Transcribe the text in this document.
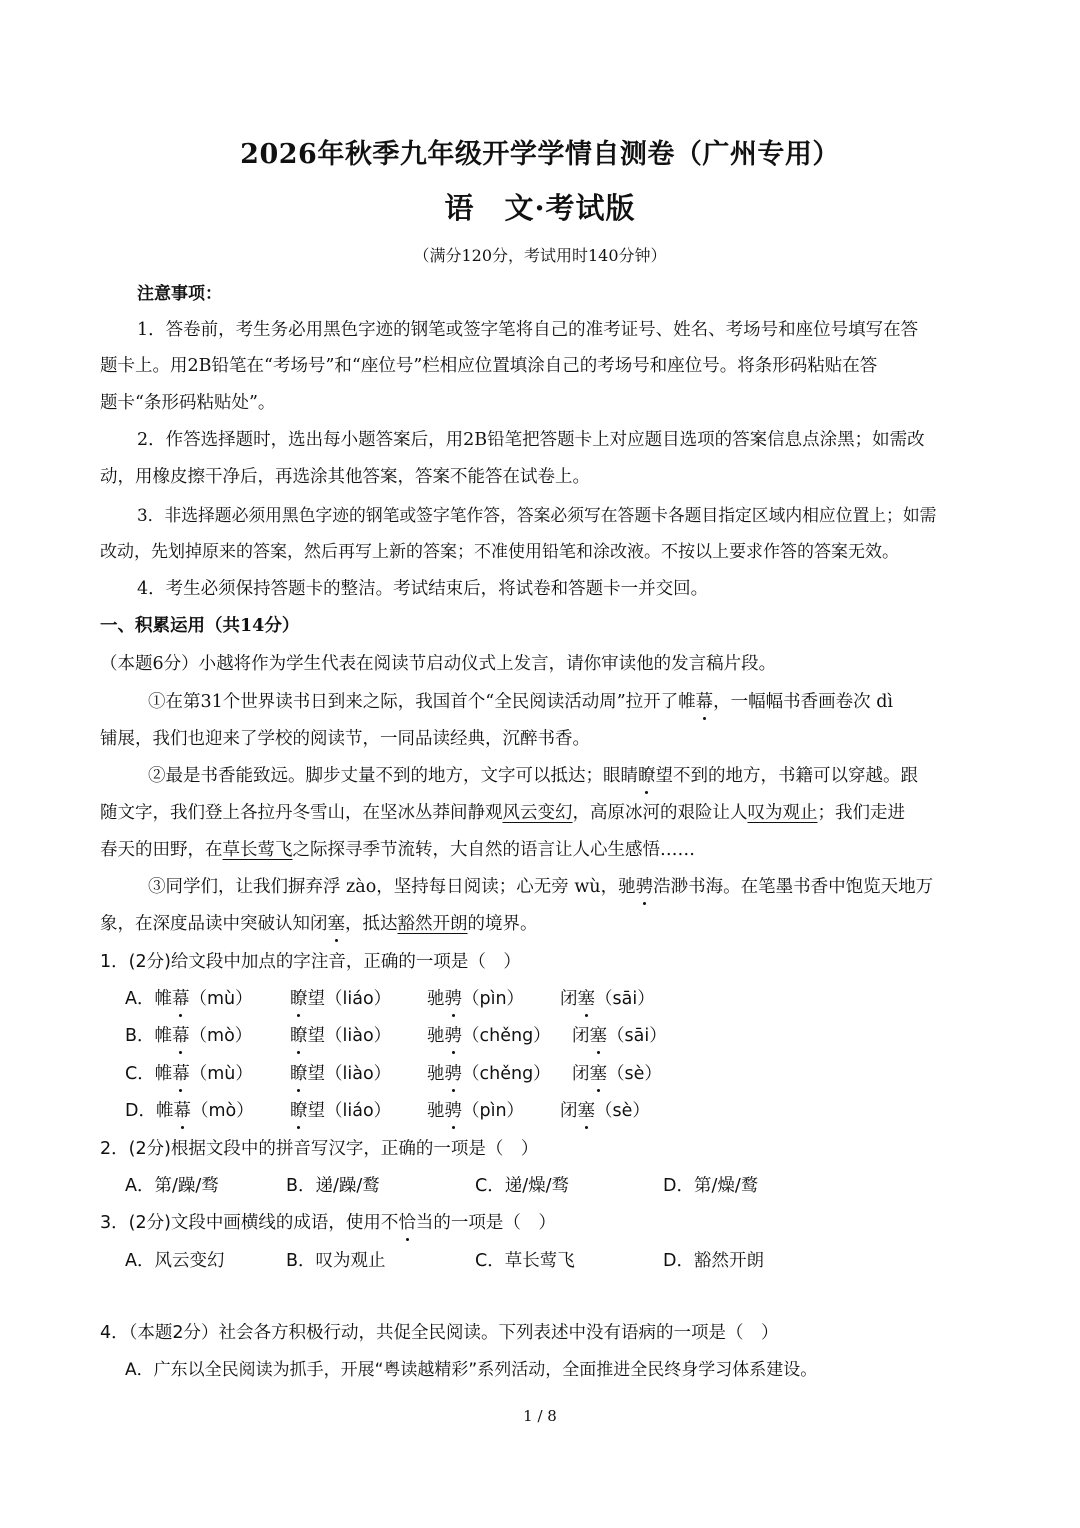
2026年秋季九年级开学学情自测卷（广州专用）
语　文·考试版
（满分120分，考试用时140分钟）
注意事项：
1．答卷前，考生务必用黑色字迹的钢笔或签字笔将自己的准考证号、姓名、考场号和座位号填写在答
题卡上。用2B铅笔在“考场号”和“座位号”栏相应位置填涂自己的考场号和座位号。将条形码粘贴在答
题卡“条形码粘贴处”。
2．作答选择题时，选出每小题答案后，用2B铅笔把答题卡上对应题目选项的答案信息点涂黑；如需改
动，用橡皮擦干净后，再选涂其他答案，答案不能答在试卷上。
3．非选择题必须用黑色字迹的钢笔或签字笔作答，答案必须写在答题卡各题目指定区域内相应位置上；如需
改动，先划掉原来的答案，然后再写上新的答案；不准使用铅笔和涂改液。不按以上要求作答的答案无效。
4．考生必须保持答题卡的整洁。考试结束后，将试卷和答题卡一并交回。
一、积累运用（共14分）
（本题6分）小越将作为学生代表在阅读节启动仪式上发言，请你审读他的发言稿片段。
①在第31个世界读书日到来之际，我国首个“全民阅读活动周”拉开了帷幕，一幅幅书香画卷次 dì
铺展，我们也迎来了学校的阅读节，一同品读经典，沉醉书香。
②最是书香能致远。脚步丈量不到的地方，文字可以抵达；眼睛瞭望不到的地方，书籍可以穿越。跟
随文字，我们登上各拉丹冬雪山，在坚冰丛莽间静观风云变幻，高原冰河的艰险让人叹为观止；我们走进
春天的田野，在草长莺飞之际探寻季节流转，大自然的语言让人心生感悟……
③同学们，让我们摒弃浮 zào，坚持每日阅读；心无旁 wù，驰骋浩渺书海。在笔墨书香中饱览天地万
象，在深度品读中突破认知闭塞，抵达豁然开朗的境界。
1．(2分)给文段中加点的字注音，正确的一项是（　）
A．帷幕（mù） 瞭望（liáo） 驰骋（pìn） 闭塞（sāi）
B．帷幕（mò） 瞭望（liào） 驰骋（chěng） 闭塞（sāi）
C．帷幕（mù） 瞭望（liào） 驰骋（chěng） 闭塞（sè）
D．帷幕（mò） 瞭望（liáo） 驰骋（pìn） 闭塞（sè）
2．(2分)根据文段中的拼音写汉字，正确的一项是（　）
A．第/躁/骛	B．递/躁/鹜	C．递/燥/骛	D．第/燥/鹜
3．(2分)文段中画横线的成语，使用不恰当的一项是（　）
A．风云变幻	B．叹为观止	C．草长莺飞	D．豁然开朗
4．（本题2分）社会各方积极行动，共促全民阅读。下列表述中没有语病的一项是（　）
A．广东以全民阅读为抓手，开展“粤读越精彩”系列活动，全面推进全民终身学习体系建设。
1 / 8
